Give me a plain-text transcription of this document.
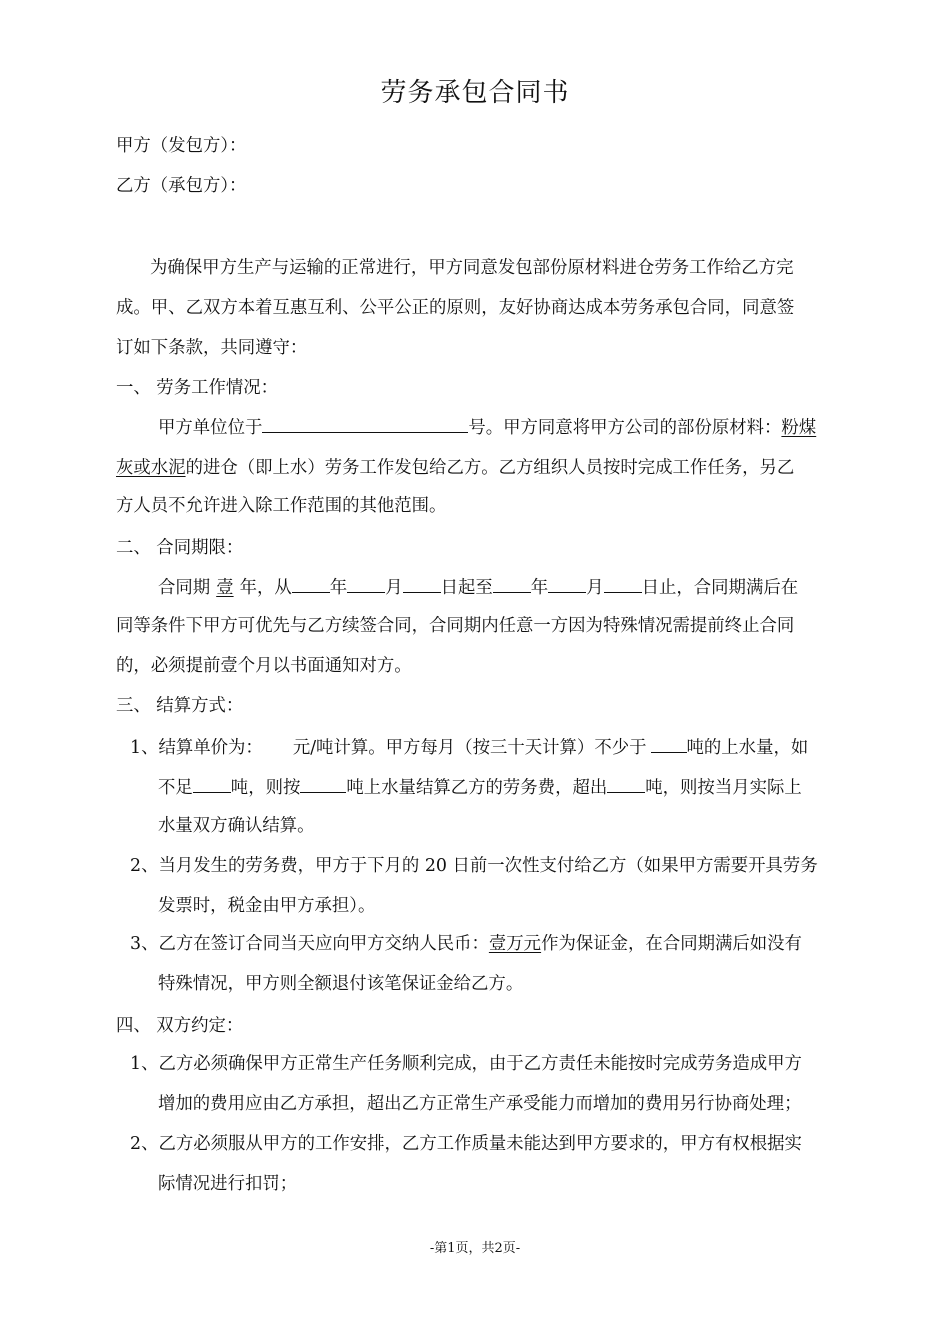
劳务承包合同书
甲方（发包方）：
乙方（承包方）：
为确保甲方生产与运输的正常进行，甲方同意发包部份原材料进仓劳务工作给乙方完
成。甲、乙双方本着互惠互利、公平公正的原则，友好协商达成本劳务承包合同，同意签
订如下条款，共同遵守：
一、 劳务工作情况：
甲方单位位于	号。甲方同意将甲方公司的部份原材料：粉煤
灰或水泥的进仓（即上水）劳务工作发包给乙方。乙方组织人员按时完成工作任务，另乙
方人员不允许进入除工作范围的其他范围。
二、 合同期限：
合同期 壹 年，从 年 月 日起至 年 月 日止，合同期满后在
同等条件下甲方可优先与乙方续签合同，合同期内任意一方因为特殊情况需提前终止合同
的，必须提前壹个月以书面通知对方。
三、 结算方式：
1、结算单价为： 元/吨计算。甲方每月（按三十天计算）不少于 吨的上水量，如
不足 吨，则按	吨上水量结算乙方的劳务费，超出 吨，则按当月实际上
水量双方确认结算。
2、当月发生的劳务费，甲方于下月的 20 日前一次性支付给乙方（如果甲方需要开具劳务
发票时，税金由甲方承担）。
3、乙方在签订合同当天应向甲方交纳人民币：壹万元作为保证金，在合同期满后如没有
特殊情况，甲方则全额退付该笔保证金给乙方。
四、 双方约定：
1、乙方必须确保甲方正常生产任务顺利完成，由于乙方责任未能按时完成劳务造成甲方
增加的费用应由乙方承担，超出乙方正常生产承受能力而增加的费用另行协商处理；
2、乙方必须服从甲方的工作安排，乙方工作质量未能达到甲方要求的，甲方有权根据实
际情况进行扣罚；
-第1页，共2页-
